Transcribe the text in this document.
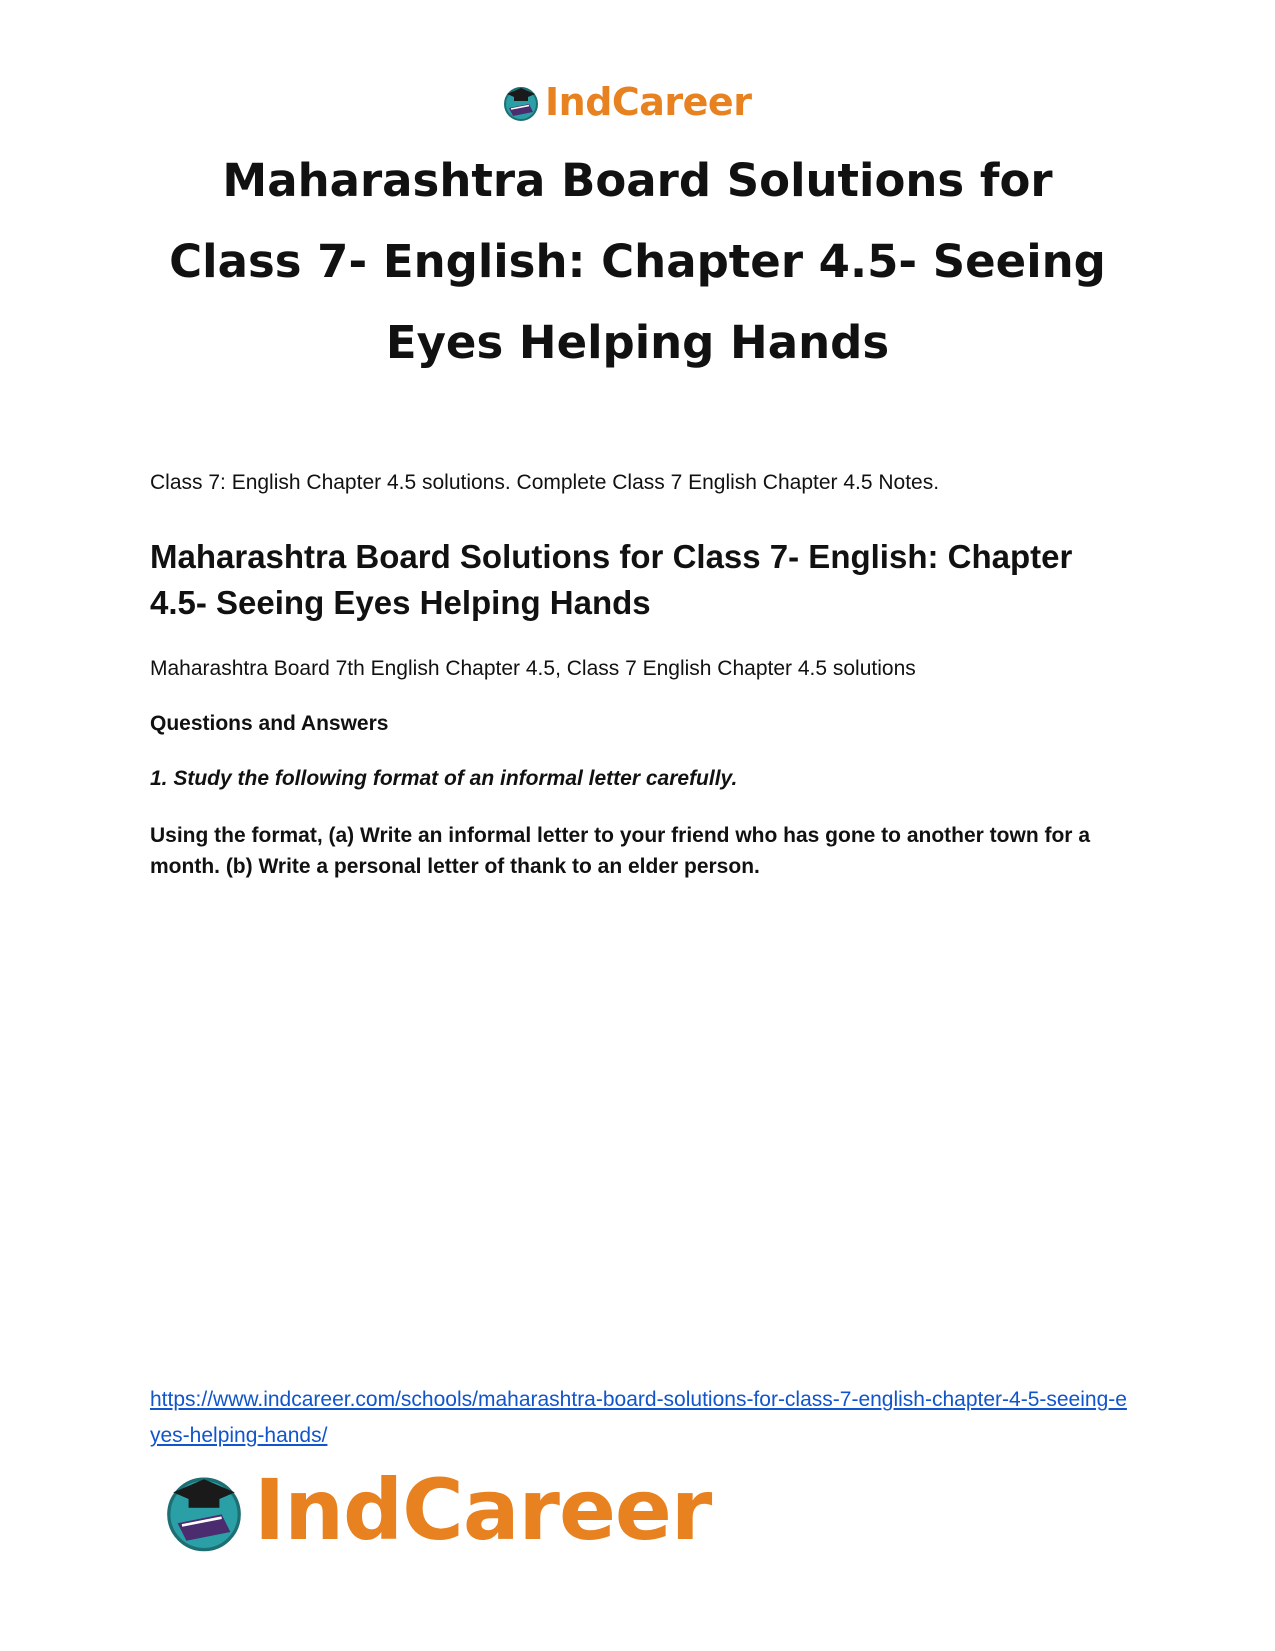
IndCareer
Maharashtra Board Solutions for Class 7- English: Chapter 4.5- Seeing Eyes Helping Hands

Class 7: English Chapter 4.5 solutions. Complete Class 7 English Chapter 4.5 Notes.

Maharashtra Board Solutions for Class 7- English: Chapter 4.5- Seeing Eyes Helping Hands

Maharashtra Board 7th English Chapter 4.5, Class 7 English Chapter 4.5 solutions

Questions and Answers

1. Study the following format of an informal letter carefully.

Using the format, (a) Write an informal letter to your friend who has gone to another town for a month. (b) Write a personal letter of thank to an elder person.

https://www.indcareer.com/schools/maharashtra-board-solutions-for-class-7-english-chapter-4-5-seeing-eyes-helping-hands/
IndCareer
